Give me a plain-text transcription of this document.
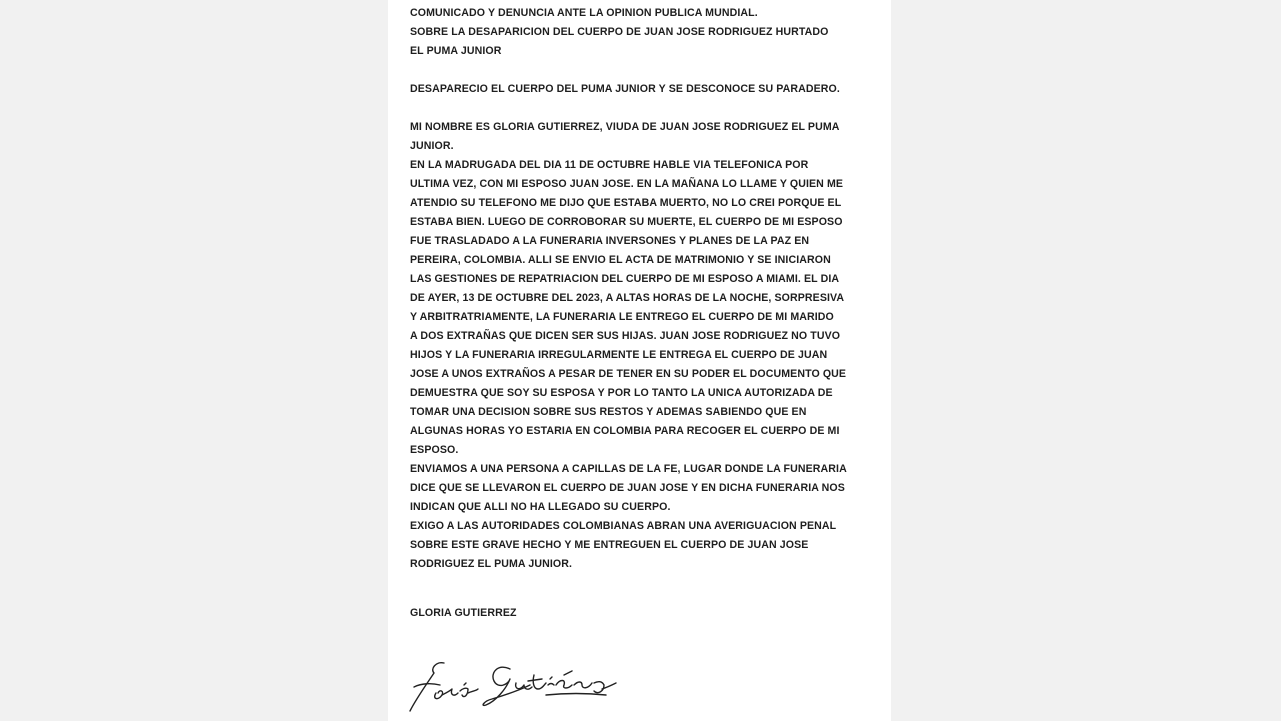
COMUNICADO Y DENUNCIA ANTE LA OPINION PUBLICA MUNDIAL.

SOBRE LA DESAPARICION DEL CUERPO DE JUAN JOSE RODRIGUEZ HURTADO

EL PUMA JUNIOR

DESAPARECIO EL CUERPO DEL PUMA JUNIOR Y SE DESCONOCE SU PARADERO.

MI NOMBRE ES GLORIA GUTIERREZ, VIUDA DE JUAN JOSE RODRIGUEZ EL PUMA

JUNIOR.

EN LA MADRUGADA DEL DIA 11 DE OCTUBRE HABLE VIA TELEFONICA POR

ULTIMA VEZ, CON MI ESPOSO JUAN JOSE. EN LA MAÑANA LO LLAME Y QUIEN ME

ATENDIO SU TELEFONO ME DIJO QUE ESTABA MUERTO, NO LO CREI PORQUE EL

ESTABA BIEN. LUEGO DE CORROBORAR SU MUERTE, EL CUERPO DE MI ESPOSO

FUE TRASLADADO A LA FUNERARIA INVERSONES Y PLANES DE LA PAZ EN

PEREIRA, COLOMBIA. ALLI SE ENVIO EL ACTA DE MATRIMONIO Y SE INICIARON

LAS GESTIONES DE REPATRIACION DEL CUERPO DE MI ESPOSO A MIAMI. EL DIA

DE AYER, 13 DE OCTUBRE DEL 2023, A ALTAS HORAS DE LA NOCHE, SORPRESIVA

Y ARBITRATRIAMENTE, LA FUNERARIA LE ENTREGO EL CUERPO DE MI MARIDO

A DOS EXTRAÑAS QUE DICEN SER SUS HIJAS. JUAN JOSE RODRIGUEZ NO TUVO

HIJOS Y LA FUNERARIA IRREGULARMENTE LE ENTREGA EL CUERPO DE JUAN

JOSE A UNOS EXTRAÑOS A PESAR DE TENER EN SU PODER EL DOCUMENTO QUE

DEMUESTRA QUE SOY SU ESPOSA Y POR LO TANTO LA UNICA AUTORIZADA DE

TOMAR UNA DECISION SOBRE SUS RESTOS Y ADEMAS SABIENDO QUE EN

ALGUNAS HORAS YO ESTARIA EN COLOMBIA PARA RECOGER EL CUERPO DE MI

ESPOSO.

ENVIAMOS A UNA PERSONA A CAPILLAS DE LA FE, LUGAR DONDE LA FUNERARIA

DICE QUE SE LLEVARON EL CUERPO DE JUAN JOSE Y EN DICHA FUNERARIA NOS

INDICAN QUE ALLI NO HA LLEGADO SU CUERPO.

EXIGO A LAS AUTORIDADES COLOMBIANAS ABRAN UNA AVERIGUACION PENAL

SOBRE ESTE GRAVE HECHO Y ME ENTREGUEN EL CUERPO DE JUAN JOSE

RODRIGUEZ EL PUMA JUNIOR.

GLORIA GUTIERREZ
